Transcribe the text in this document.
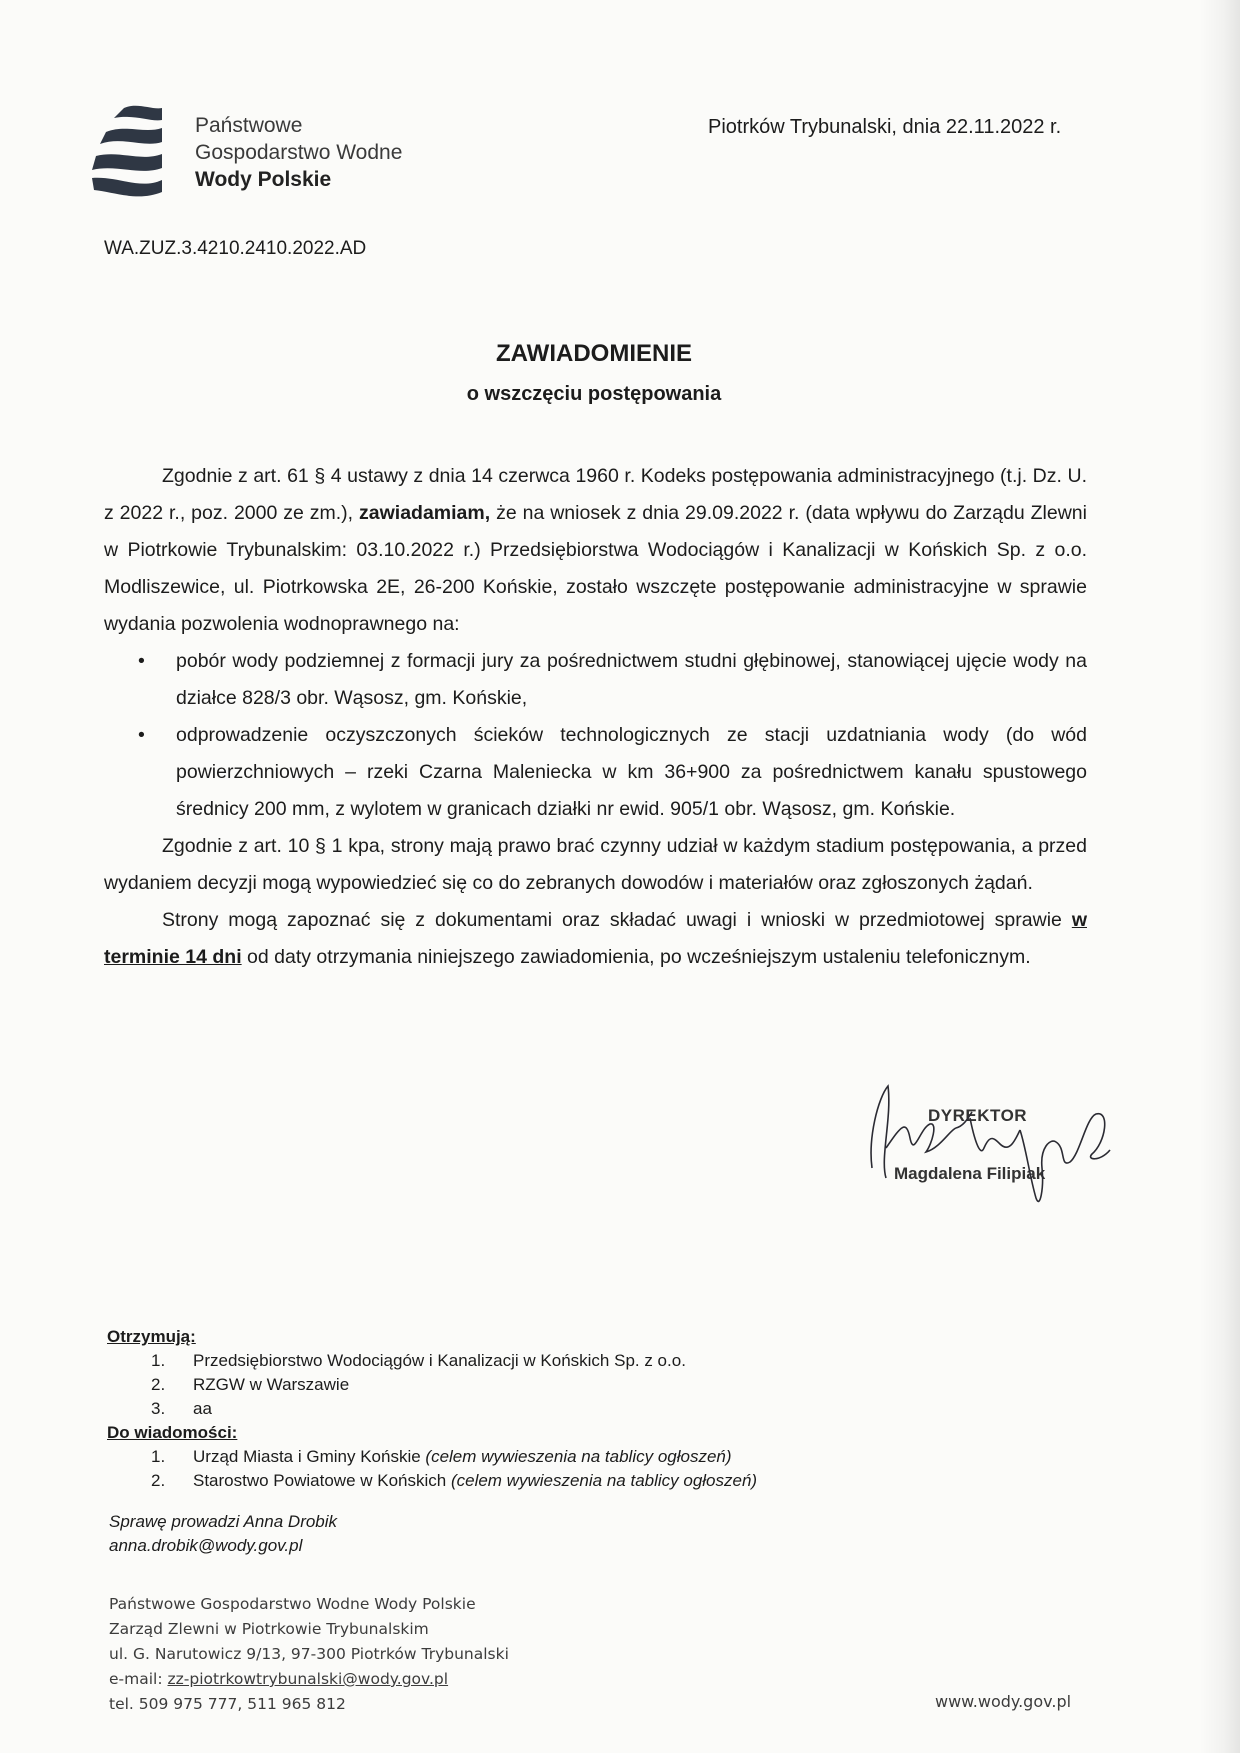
Państwowe
Gospodarstwo Wodne
Wody Polskie
Piotrków Trybunalski, dnia 22.11.2022 r.
WA.ZUZ.3.4210.2410.2022.AD
ZAWIADOMIENIE
o wszczęciu postępowania

Zgodnie z art. 61 § 4 ustawy z dnia 14 czerwca 1960 r. Kodeks postępowania administracyjnego (t.j. Dz. U. z 2022 r., poz. 2000 ze zm.), zawiadamiam, że na wniosek z dnia 29.09.2022 r. (data wpływu do Zarządu Zlewni w Piotrkowie Trybunalskim: 03.10.2022 r.) Przedsiębiorstwa Wodociągów i Kanalizacji w Końskich Sp. z o.o. Modliszewice, ul. Piotrkowska 2E, 26-200 Końskie, zostało wszczęte postępowanie administracyjne w sprawie wydania pozwolenia wodnoprawnego na:

• pobór wody podziemnej z formacji jury za pośrednictwem studni głębinowej, stanowiącej ujęcie wody na działce 828/3 obr. Wąsosz, gm. Końskie,
• odprowadzenie oczyszczonych ścieków technologicznych ze stacji uzdatniania wody (do wód powierzchniowych – rzeki Czarna Maleniecka w km 36+900 za pośrednictwem kanału spustowego średnicy 200 mm, z wylotem w granicach działki nr ewid. 905/1 obr. Wąsosz, gm. Końskie.

Zgodnie z art. 10 § 1 kpa, strony mają prawo brać czynny udział w każdym stadium postępowania, a przed wydaniem decyzji mogą wypowiedzieć się co do zebranych dowodów i materiałów oraz zgłoszonych żądań.

Strony mogą zapoznać się z dokumentami oraz składać uwagi i wnioski w przedmiotowej sprawie w terminie 14 dni od daty otrzymania niniejszego zawiadomienia, po wcześniejszym ustaleniu telefonicznym.

DYREKTOR
Magdalena Filipiak
Otrzymują:
1. Przedsiębiorstwo Wodociągów i Kanalizacji w Końskich Sp. z o.o.
2. RZGW w Warszawie
3. aa
Do wiadomości:
1. Urząd Miasta i Gminy Końskie (celem wywieszenia na tablicy ogłoszeń)
2. Starostwo Powiatowe w Końskich (celem wywieszenia na tablicy ogłoszeń)
Sprawę prowadzi Anna Drobik
anna.drobik@wody.gov.pl
Państwowe Gospodarstwo Wodne Wody Polskie
Zarząd Zlewni w Piotrkowie Trybunalskim
ul. G. Narutowicz 9/13, 97-300 Piotrków Trybunalski
e-mail: zz-piotrkowtrybunalski@wody.gov.pl
tel. 509 975 777, 511 965 812	www.wody.gov.pl
